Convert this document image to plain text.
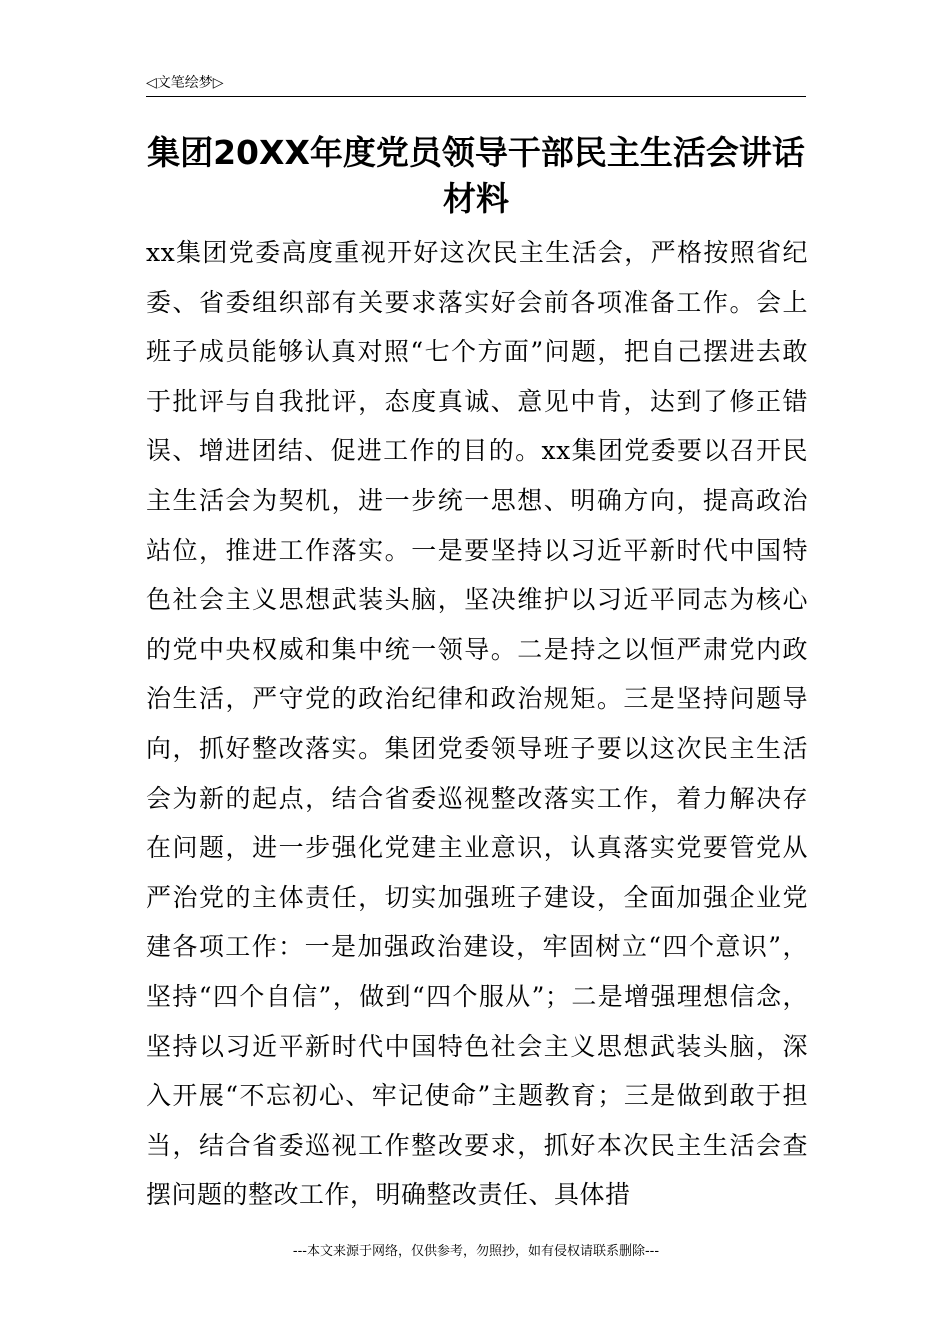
◁文笔绘梦▷
集团20XX年度党员领导干部民主生活会讲话材料

xx集团党委高度重视开好这次民主生活会，严格按照省纪委、省委组织部有关要求落实好会前各项准备工作。会上班子成员能够认真对照“七个方面”问题，把自己摆进去敢于批评与自我批评，态度真诚、意见中肯，达到了修正错误、增进团结、促进工作的目的。xx集团党委要以召开民主生活会为契机，进一步统一思想、明确方向，提高政治站位，推进工作落实。一是要坚持以习近平新时代中国特色社会主义思想武装头脑，坚决维护以习近平同志为核心的党中央权威和集中统一领导。二是持之以恒严肃党内政治生活，严守党的政治纪律和政治规矩。三是坚持问题导向，抓好整改落实。集团党委领导班子要以这次民主生活会为新的起点，结合省委巡视整改落实工作，着力解决存在问题，进一步强化党建主业意识，认真落实党要管党从严治党的主体责任，切实加强班子建设，全面加强企业党建各项工作：一是加强政治建设，牢固树立“四个意识”，坚持“四个自信”，做到“四个服从”；二是增强理想信念，坚持以习近平新时代中国特色社会主义思想武装头脑，深入开展“不忘初心、牢记使命”主题教育；三是做到敢于担当，结合省委巡视工作整改要求，抓好本次民主生活会查摆问题的整改工作，明确整改责任、具体措

---本文来源于网络，仅供参考，勿照抄，如有侵权请联系删除---
